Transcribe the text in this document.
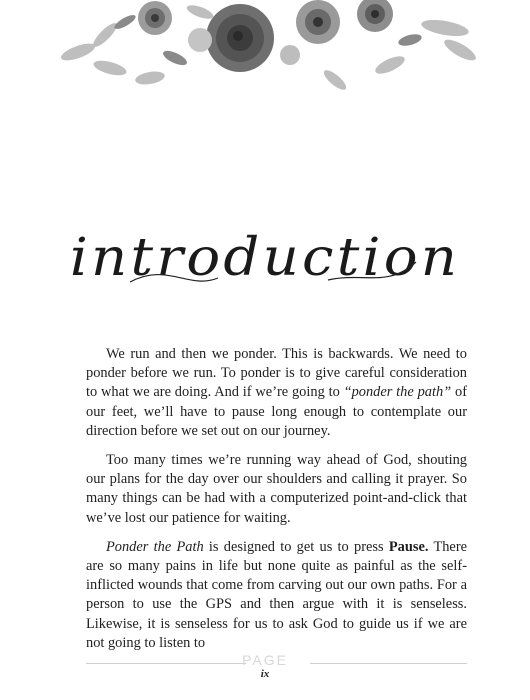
introduction

We run and then we ponder. This is backwards. We need to ponder before we run. To ponder is to give careful consideration to what we are doing. And if we’re going to “ponder the path” of our feet, we’ll have to pause long enough to contemplate our direction before we set out on our journey.

Too many times we’re running way ahead of God, shouting our plans for the day over our shoulders and calling it prayer. So many things can be had with a computerized point-and-click that we’ve lost our patience for waiting.

Ponder the Path is designed to get us to press Pause. There are so many pains in life but none quite as painful as the self-inflicted wounds that come from carving out our own paths. For a person to use the GPS and then argue with it is senseless. Likewise, it is senseless for us to ask God to guide us if we are not going to listen to

PAGE
ix
